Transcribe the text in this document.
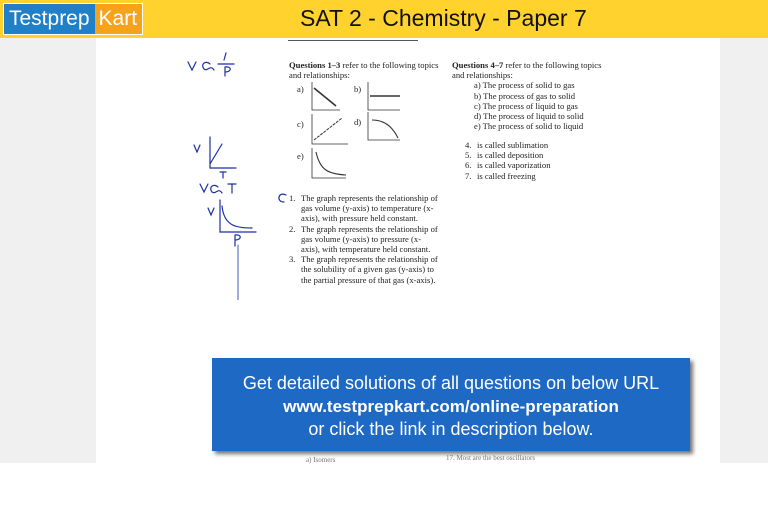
Testprep Kart	SAT 2 - Chemistry - Paper 7
Questions 1–3 refer to the following topics and relationships:
a)	b)
c)	d)
e)
1. The graph represents the relationship of gas volume (y-axis) to temperature (x-axis), with pressure held constant.
2. The graph represents the relationship of gas volume (y-axis) to pressure (x-axis), with temperature held constant.
3. The graph represents the relationship of the solubility of a given gas (y-axis) to the partial pressure of that gas (x-axis).
Questions 4–7 refer to the following topics and relationships:
a) The process of solid to gas
b) The process of gas to solid
c) The process of liquid to gas
d) The process of liquid to solid
e) The process of solid to liquid
4. is called sublimation
5. is called deposition
6. is called vaporization
7. is called freezing
Get detailed solutions of all questions on below URL
www.testprepkart.com/online-preparation
or click the link in description below.
a) Isomers	17. Most are the best oscillators
